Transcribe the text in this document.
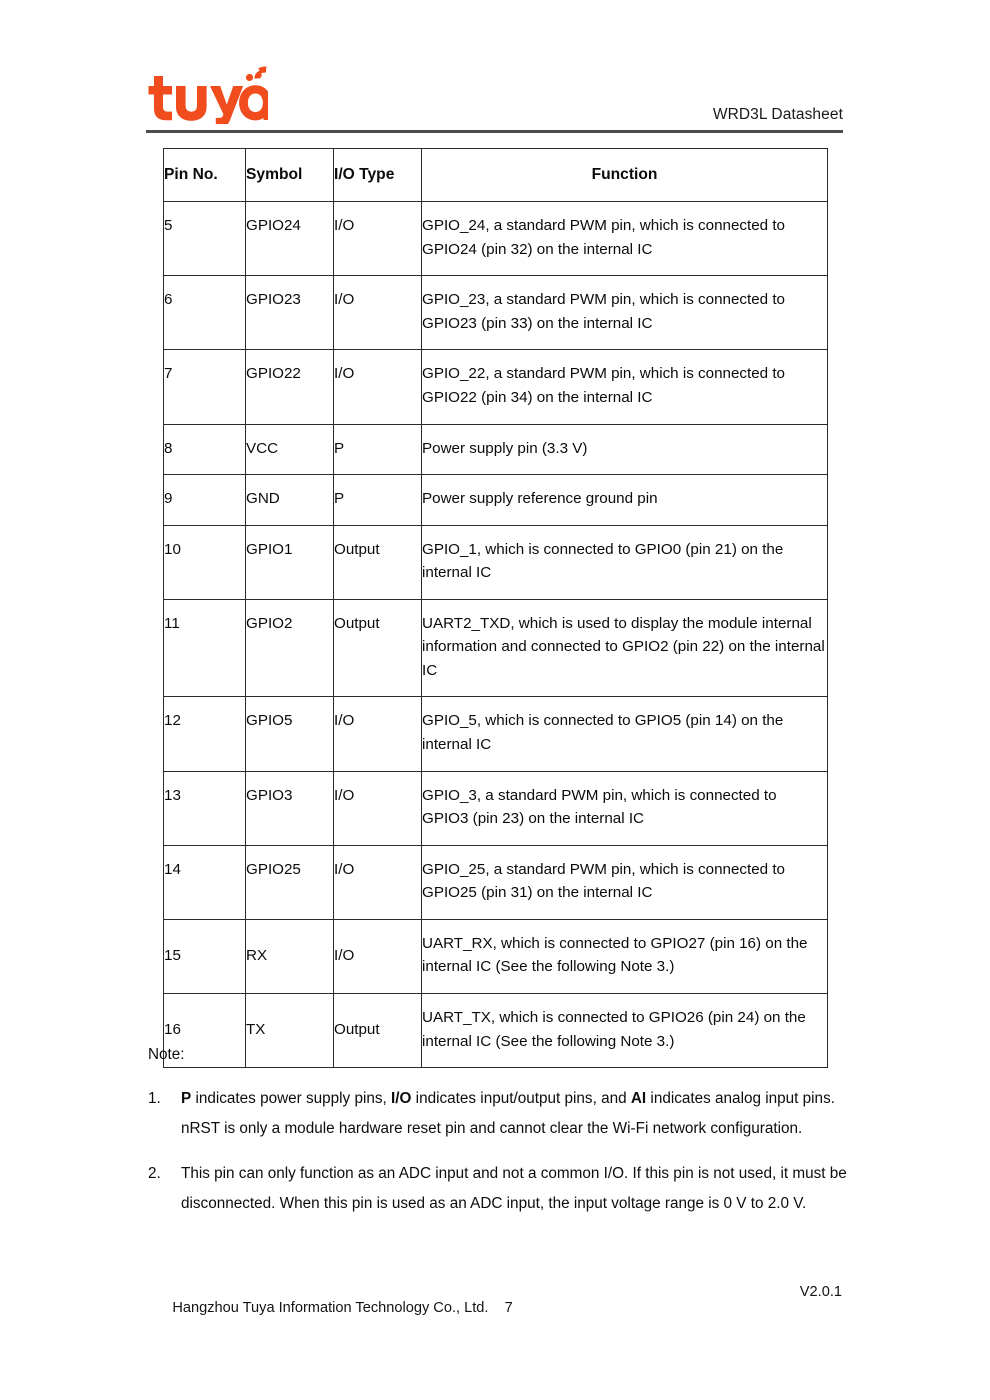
WRD3L Datasheet
Pin No.	Symbol	I/O Type	Function
5	GPIO24	I/O	GPIO_24, a standard PWM pin, which is connected to GPIO24 (pin 32) on the internal IC
6	GPIO23	I/O	GPIO_23, a standard PWM pin, which is connected to GPIO23 (pin 33) on the internal IC
7	GPIO22	I/O	GPIO_22, a standard PWM pin, which is connected to GPIO22 (pin 34) on the internal IC
8	VCC	P	Power supply pin (3.3 V)
9	GND	P	Power supply reference ground pin
10	GPIO1	Output	GPIO_1, which is connected to GPIO0 (pin 21) on the internal IC
11	GPIO2	Output	UART2_TXD, which is used to display the module internal information and connected to GPIO2 (pin 22) on the internal IC
12	GPIO5	I/O	GPIO_5, which is connected to GPIO5 (pin 14) on the internal IC
13	GPIO3	I/O	GPIO_3, a standard PWM pin, which is connected to GPIO3 (pin 23) on the internal IC
14	GPIO25	I/O	GPIO_25, a standard PWM pin, which is connected to GPIO25 (pin 31) on the internal IC
15	RX	I/O	UART_RX, which is connected to GPIO27 (pin 16) on the internal IC (See the following Note 3.)
16	TX	Output	UART_TX, which is connected to GPIO26 (pin 24) on the internal IC (See the following Note 3.)
Note:
1.	P indicates power supply pins, I/O indicates input/output pins, and AI indicates analog input pins. nRST is only a module hardware reset pin and cannot clear the Wi-Fi network configuration.
2.	This pin can only function as an ADC input and not a common I/O. If this pin is not used, it must be disconnected. When this pin is used as an ADC input, the input voltage range is 0 V to 2.0 V.

Hangzhou Tuya Information Technology Co., Ltd. 7

V2.0.1
